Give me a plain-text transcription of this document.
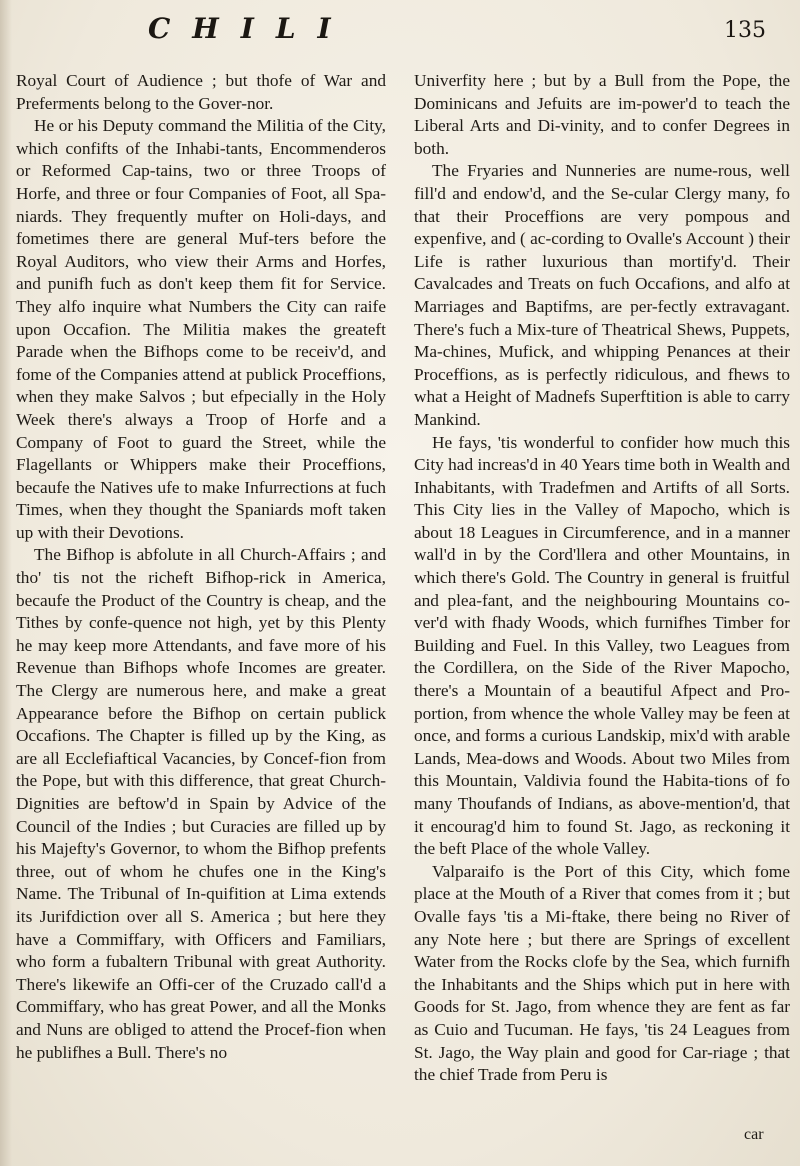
CHILI	135

Royal Court of Audience ; but thofe of War and Preferments belong to the Gover-nor.

He or his Deputy command the Militia of the City, which confifts of the Inhabi-tants, Encommenderos or Reformed Cap-tains, two or three Troops of Horfe, and three or four Companies of Foot, all Spa-niards. They frequently mufter on Holi-days, and fometimes there are general Muf-ters before the Royal Auditors, who view their Arms and Horfes, and punifh fuch as don't keep them fit for Service. They alfo inquire what Numbers the City can raife upon Occafion. The Militia makes the greateft Parade when the Bifhops come to be receiv'd, and fome of the Companies attend at publick Proceffions, when they make Salvos ; but efpecially in the Holy Week there's always a Troop of Horfe and a Company of Foot to guard the Street, while the Flagellants or Whippers make their Proceffions, becaufe the Natives ufe to make Infurrections at fuch Times, when they thought the Spaniards moft taken up with their Devotions.

The Bifhop is abfolute in all Church-Affairs ; and tho' tis not the richeft Bifhop-rick in America, becaufe the Product of the Country is cheap, and the Tithes by confe-quence not high, yet by this Plenty he may keep more Attendants, and fave more of his Revenue than Bifhops whofe Incomes are greater. The Clergy are numerous here, and make a great Appearance before the Bifhop on certain publick Occafions. The Chapter is filled up by the King, as are all Ecclefiaftical Vacancies, by Concef-fion from the Pope, but with this difference, that great Church-Dignities are beftow'd in Spain by Advice of the Council of the Indies ; but Curacies are filled up by his Majefty's Governor, to whom the Bifhop prefents three, out of whom he chufes one in the King's Name. The Tribunal of In-quifition at Lima extends its Jurifdiction over all S. America ; but here they have a Commiffary, with Officers and Familiars, who form a fubaltern Tribunal with great Authority. There's likewife an Offi-cer of the Cruzado call'd a Commiffary, who has great Power, and all the Monks and Nuns are obliged to attend the Procef-fion when he publifhes a Bull. There's no

Univerfity here ; but by a Bull from the Pope, the Dominicans and Jefuits are im-power'd to teach the Liberal Arts and Di-vinity, and to confer Degrees in both.

The Fryaries and Nunneries are nume-rous, well fill'd and endow'd, and the Se-cular Clergy many, fo that their Proceffions are very pompous and expenfive, and ( ac-cording to Ovalle's Account ) their Life is rather luxurious than mortify'd. Their Cavalcades and Treats on fuch Occafions, and alfo at Marriages and Baptifms, are per-fectly extravagant. There's fuch a Mix-ture of Theatrical Shews, Puppets, Ma-chines, Mufick, and whipping Penances at their Proceffions, as is perfectly ridiculous, and fhews to what a Height of Madnefs Superftition is able to carry Mankind.

He fays, 'tis wonderful to confider how much this City had increas'd in 40 Years time both in Wealth and Inhabitants, with Tradefmen and Artifts of all Sorts. This City lies in the Valley of Mapocho, which is about 18 Leagues in Circumference, and in a manner wall'd in by the Cord'llera and other Mountains, in which there's Gold. The Country in general is fruitful and plea-fant, and the neighbouring Mountains co-ver'd with fhady Woods, which furnifhes Timber for Building and Fuel. In this Valley, two Leagues from the Cordillera, on the Side of the River Mapocho, there's a Mountain of a beautiful Afpect and Pro-portion, from whence the whole Valley may be feen at once, and forms a curious Landskip, mix'd with arable Lands, Mea-dows and Woods. About two Miles from this Mountain, Valdivia found the Habita-tions of fo many Thoufands of Indians, as above-mention'd, that it encourag'd him to found St. Jago, as reckoning it the beft Place of the whole Valley.

Valparaifo is the Port of this City, which fome place at the Mouth of a River that comes from it ; but Ovalle fays 'tis a Mi-ftake, there being no River of any Note here ; but there are Springs of excellent Water from the Rocks clofe by the Sea, which furnifh the Inhabitants and the Ships which put in here with Goods for St. Jago, from whence they are fent as far as Cuio and Tucuman. He fays, 'tis 24 Leagues from St. Jago, the Way plain and good for Car-riage ; that the chief Trade from Peru is

car
